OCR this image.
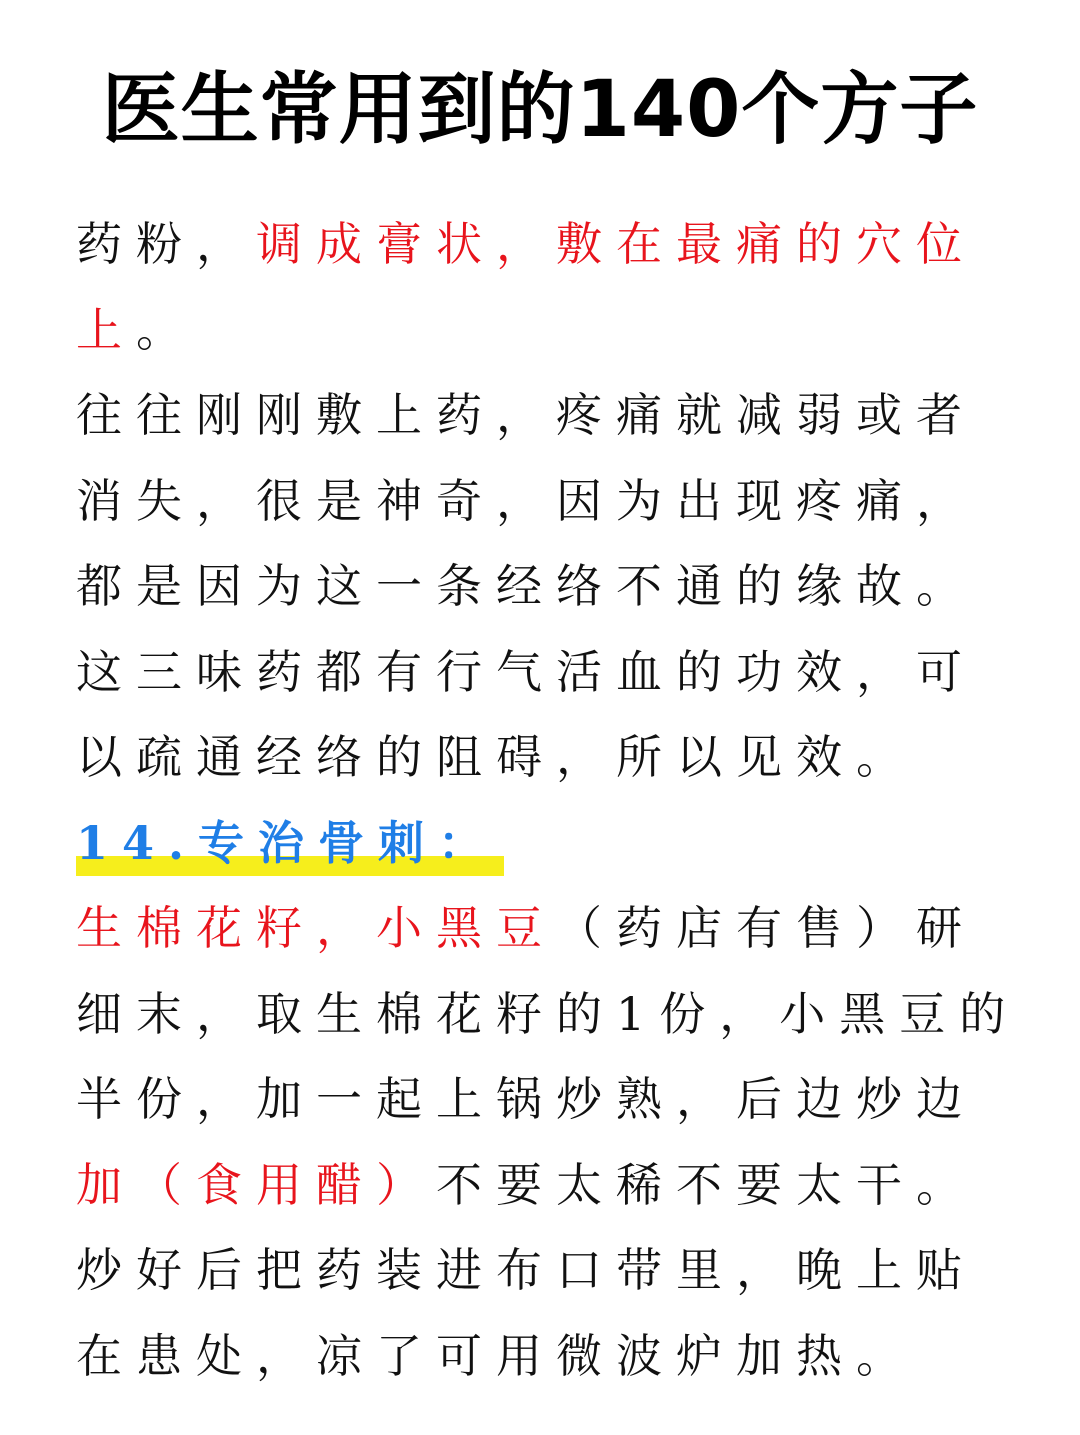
医生常用到的140个方子
药粉，调成膏状，敷在最痛的穴位
上。
往往刚刚敷上药，疼痛就减弱或者
消失，很是神奇，因为出现疼痛，
都是因为这一条经络不通的缘故。
这三味药都有行气活血的功效，可
以疏通经络的阻碍，所以见效。
14.专治骨刺：
生棉花籽，小黑豆（药店有售）研
细末，取生棉花籽的1份，小黑豆的
半份，加一起上锅炒熟，后边炒边
加（食用醋）不要太稀不要太干。
炒好后把药装进布口带里，晚上贴
在患处，凉了可用微波炉加热。
